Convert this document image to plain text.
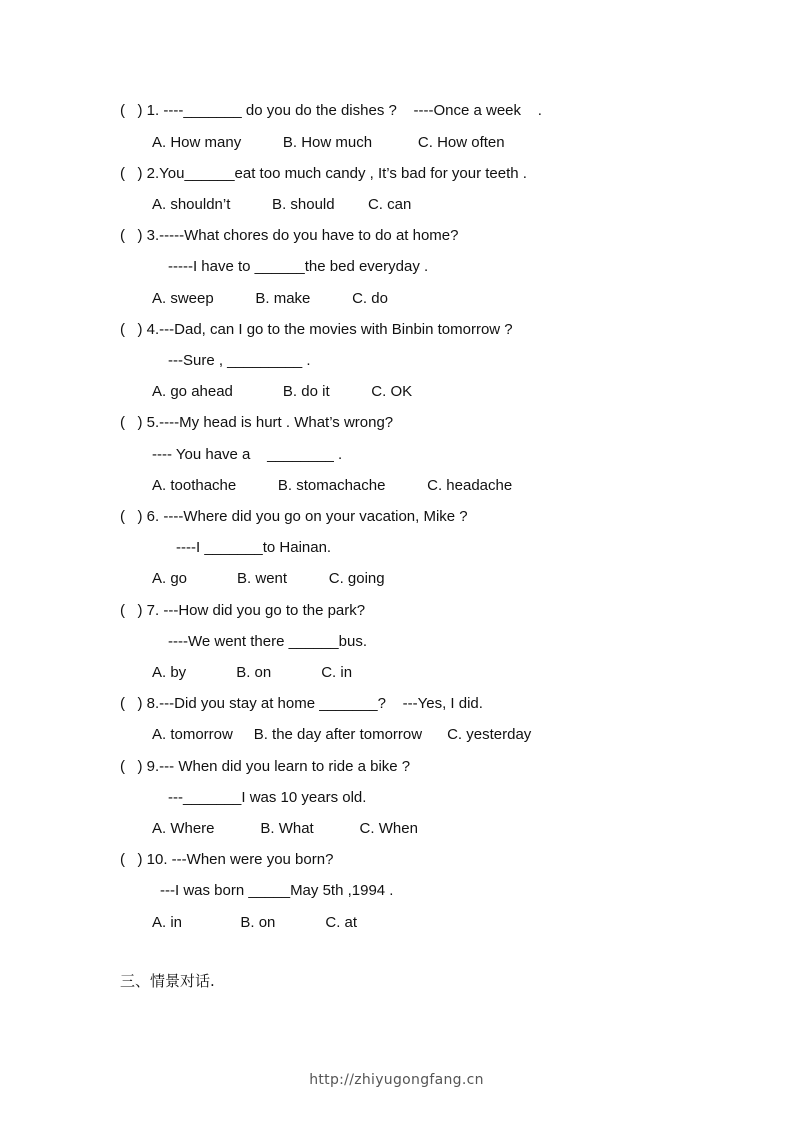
(   ) 1. ----_______ do you do the dishes ?    ----Once a week    .
A. How many          B. How much           C. How often
(   ) 2.You______eat too much candy , It’s bad for your teeth .
A. shouldn’t          B. should        C. can
(   ) 3.-----What chores do you have to do at home?
-----I have to ______the bed everyday .
A. sweep          B. make          C. do
(   ) 4.---Dad, can I go to the movies with Binbin tomorrow ?
---Sure , _________ .
A. go ahead            B. do it          C. OK
(   ) 5.----My head is hurt . What’s wrong?
---- You have a    ________ .
A. toothache          B. stomachache          C. headache
(   ) 6. ----Where did you go on your vacation, Mike ?
----I _______to Hainan.
A. go            B. went          C. going
(   ) 7. ---How did you go to the park?
----We went there ______bus.
A. by            B. on            C. in
(   ) 8.---Did you stay at home _______?    ---Yes, I did.
A. tomorrow     B. the day after tomorrow      C. yesterday
(   ) 9.--- When did you learn to ride a bike ?
---_______I was 10 years old.
A. Where           B. What           C. When
(   ) 10. ---When were you born?
---I was born _____May 5th ,1994 .
A. in              B. on            C. at
三、情景对话.
http://zhiyugongfang.cn
